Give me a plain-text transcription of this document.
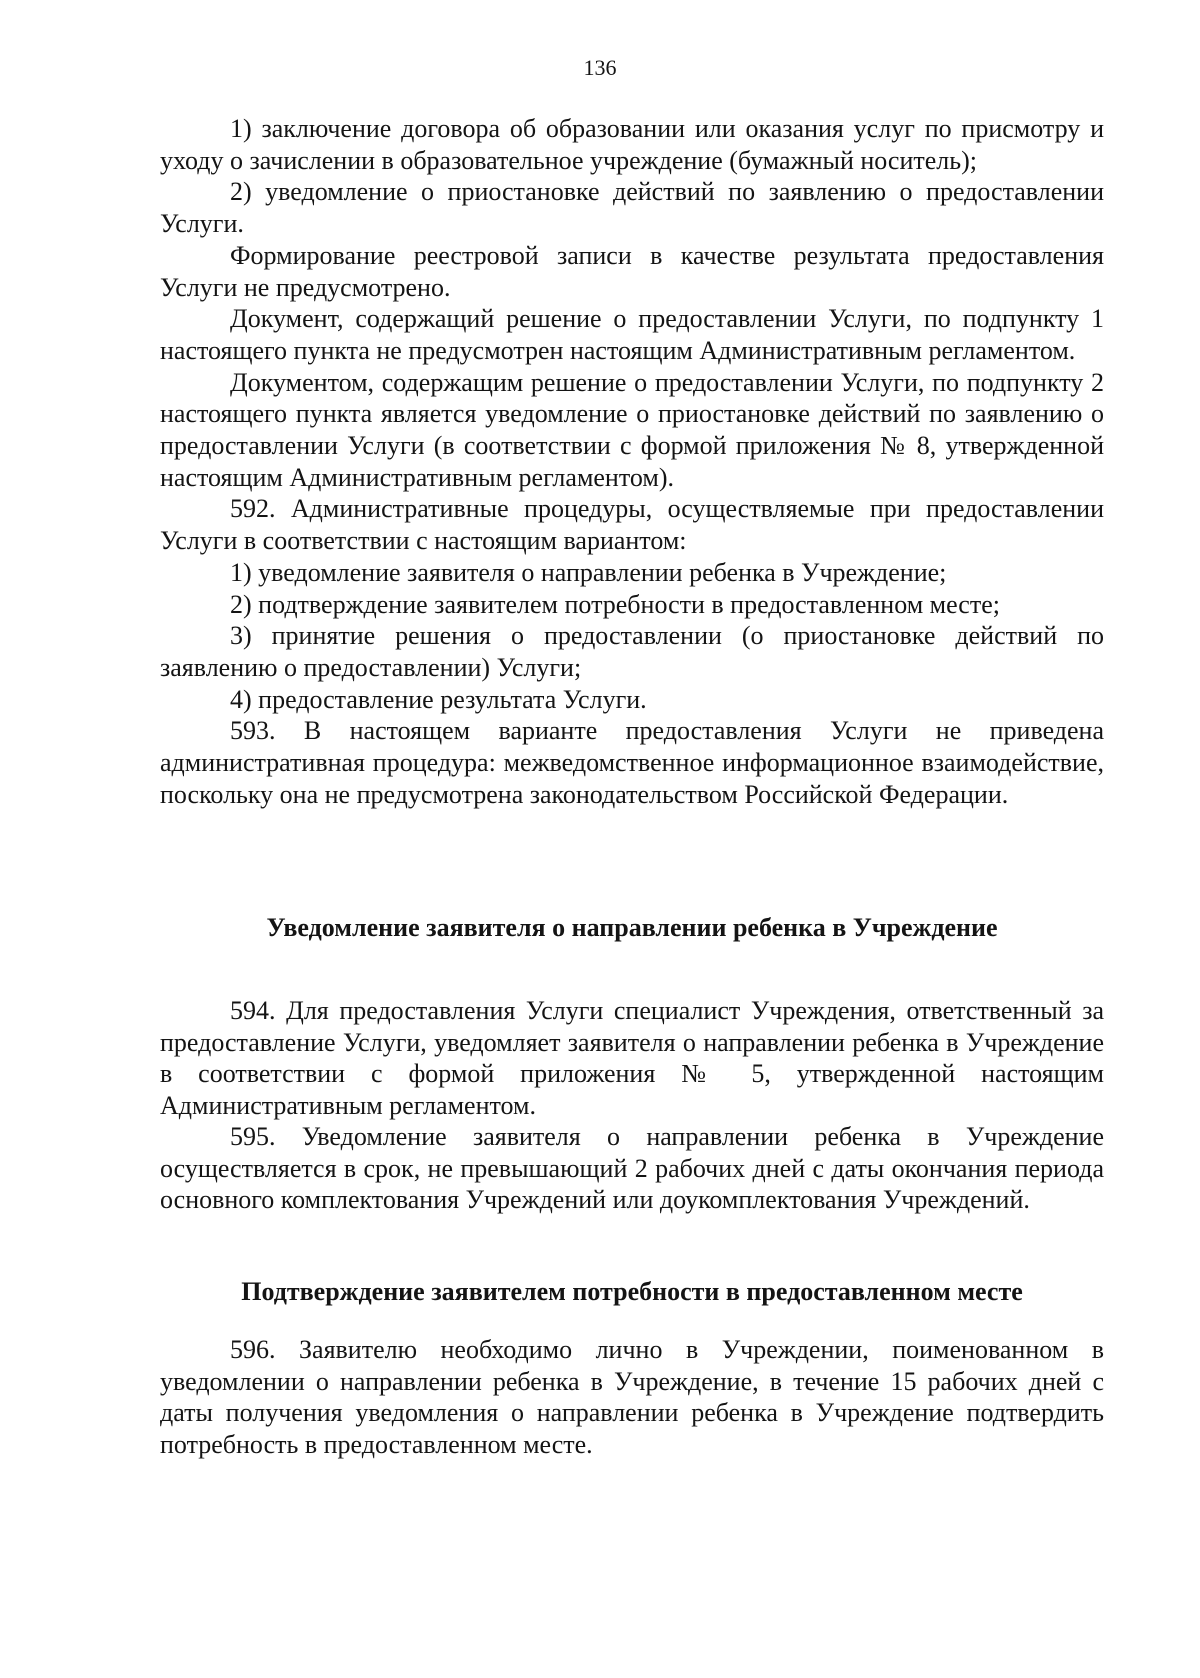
136

1) заключение договора об образовании или оказания услуг по присмотру и уходу о зачислении в образовательное учреждение (бумажный носитель);

2) уведомление о приостановке действий по заявлению о предоставлении Услуги.

Формирование реестровой записи в качестве результата предоставления Услуги не предусмотрено.

Документ, содержащий решение о предоставлении Услуги, по подпункту 1 настоящего пункта не предусмотрен настоящим Административным регламентом.

Документом, содержащим решение о предоставлении Услуги, по подпункту 2 настоящего пункта является уведомление о приостановке действий по заявлению о предоставлении Услуги (в соответствии с формой приложения № 8, утвержденной настоящим Административным регламентом).

592. Административные процедуры, осуществляемые при предоставлении Услуги в соответствии с настоящим вариантом:

1) уведомление заявителя о направлении ребенка в Учреждение;

2) подтверждение заявителем потребности в предоставленном месте;

3) принятие решения о предоставлении (о приостановке действий по заявлению о предоставлении) Услуги;

4) предоставление результата Услуги.

593. В настоящем варианте предоставления Услуги не приведена административная процедура: межведомственное информационное взаимодействие, поскольку она не предусмотрена законодательством Российской Федерации.

Уведомление заявителя о направлении ребенка в Учреждение

594. Для предоставления Услуги специалист Учреждения, ответственный за предоставление Услуги, уведомляет заявителя о направлении ребенка в Учреждение в соответствии с формой приложения № 5, утвержденной настоящим Административным регламентом.

595. Уведомление заявителя о направлении ребенка в Учреждение осуществляется в срок, не превышающий 2 рабочих дней с даты окончания периода основного комплектования Учреждений или доукомплектования Учреждений.

Подтверждение заявителем потребности в предоставленном месте

596. Заявителю необходимо лично в Учреждении, поименованном в уведомлении о направлении ребенка в Учреждение, в течение 15 рабочих дней с даты получения уведомления о направлении ребенка в Учреждение подтвердить потребность в предоставленном месте.
